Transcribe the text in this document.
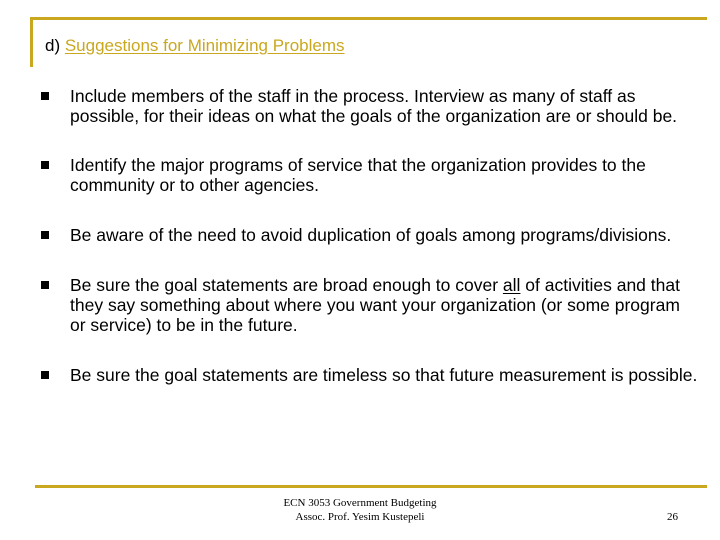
d) Suggestions for Minimizing Problems
Include members of the staff in the process. Interview as many of staff as possible, for their ideas on what the goals of the organization are or should be.
Identify the major programs of service that the organization provides to the community or to other agencies.
Be aware of the need to avoid duplication of goals among programs/divisions.
Be sure the goal statements are broad enough to cover all of activities and that they say something about where you want your organization (or some program or service) to be in the future.
Be sure the goal statements are timeless so that future measurement is possible.
ECN 3053 Government Budgeting
Assoc. Prof. Yesim Kustepeli	26
